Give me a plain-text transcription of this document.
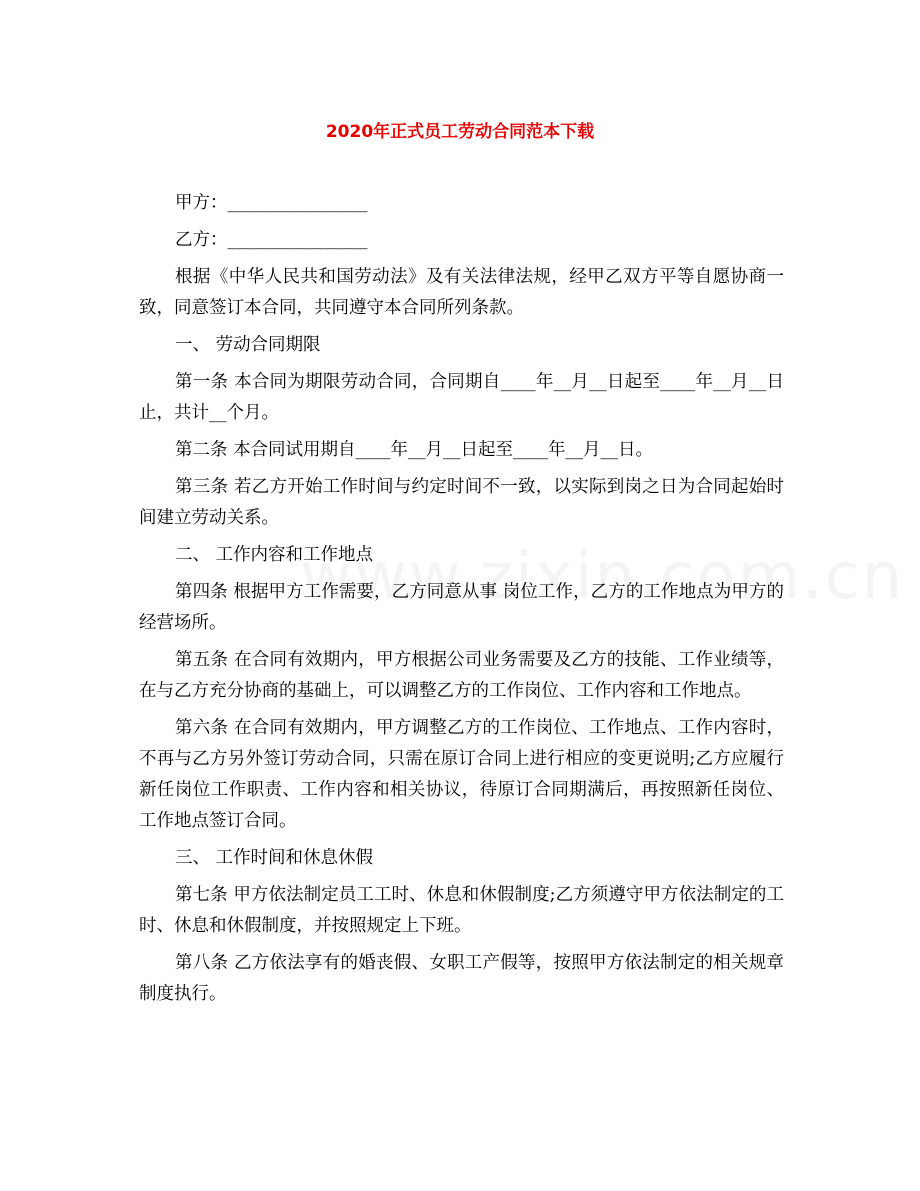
2020年正式员工劳动合同范本下载

甲方：________________

乙方：________________

根据《中华人民共和国劳动法》及有关法律法规，经甲乙双方平等自愿协商一致，同意签订本合同，共同遵守本合同所列条款。

一、 劳动合同期限

第一条 本合同为期限劳动合同，合同期自____年__月__日起至____年__月__日止，共计__个月。

第二条 本合同试用期自____年__月__日起至____年__月__日。

第三条 若乙方开始工作时间与约定时间不一致，以实际到岗之日为合同起始时间建立劳动关系。

二、 工作内容和工作地点

第四条 根据甲方工作需要，乙方同意从事 岗位工作，乙方的工作地点为甲方的经营场所。

第五条 在合同有效期内，甲方根据公司业务需要及乙方的技能、工作业绩等，在与乙方充分协商的基础上，可以调整乙方的工作岗位、工作内容和工作地点。

第六条 在合同有效期内，甲方调整乙方的工作岗位、工作地点、工作内容时，不再与乙方另外签订劳动合同，只需在原订合同上进行相应的变更说明;乙方应履行新任岗位工作职责、工作内容和相关协议，待原订合同期满后，再按照新任岗位、工作地点签订合同。

三、 工作时间和休息休假

第七条 甲方依法制定员工工时、休息和休假制度;乙方须遵守甲方依法制定的工时、休息和休假制度，并按照规定上下班。

第八条 乙方依法享有的婚丧假、女职工产假等，按照甲方依法制定的相关规章制度执行。
